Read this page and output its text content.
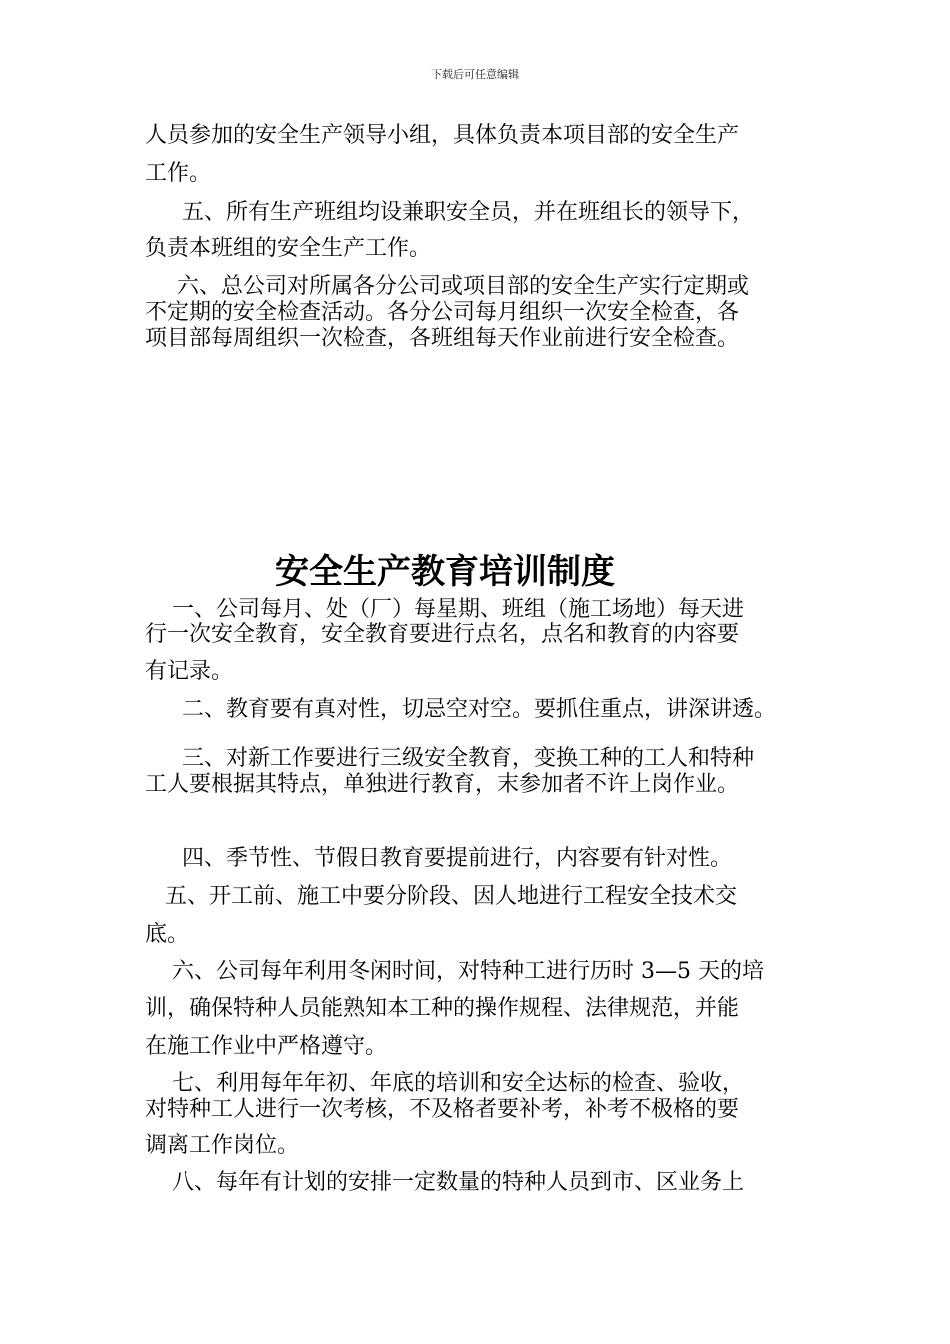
下载后可任意编辑
人员参加的安全生产领导小组，具体负责本项目部的安全生产
工作。
　五、所有生产班组均设兼职安全员，并在班组长的领导下，
负责本班组的安全生产工作。
　六、总公司对所属各分公司或项目部的安全生产实行定期或
不定期的安全检查活动。各分公司每月组织一次安全检查，各
项目部每周组织一次检查，各班组每天作业前进行安全检查。
安全生产教育培训制度
　一、公司每月、处（厂）每星期、班组（施工场地）每天进
行一次安全教育，安全教育要进行点名，点名和教育的内容要
有记录。
　二、教育要有真对性，切忌空对空。要抓住重点，讲深讲透。
　三、对新工作要进行三级安全教育，变换工种的工人和特种
工人要根据其特点，单独进行教育，末参加者不许上岗作业。
　四、季节性、节假日教育要提前进行，内容要有针对性。
五、开工前、施工中要分阶段、因人地进行工程安全技术交
底。
　六、公司每年利用冬闲时间，对特种工进行历时 3—5 天的培
训，确保特种人员能熟知本工种的操作规程、法律规范，并能
在施工作业中严格遵守。
　七、利用每年年初、年底的培训和安全达标的检查、验收，
对特种工人进行一次考核，不及格者要补考，补考不极格的要
调离工作岗位。
　八、每年有计划的安排一定数量的特种人员到市、区业务上
